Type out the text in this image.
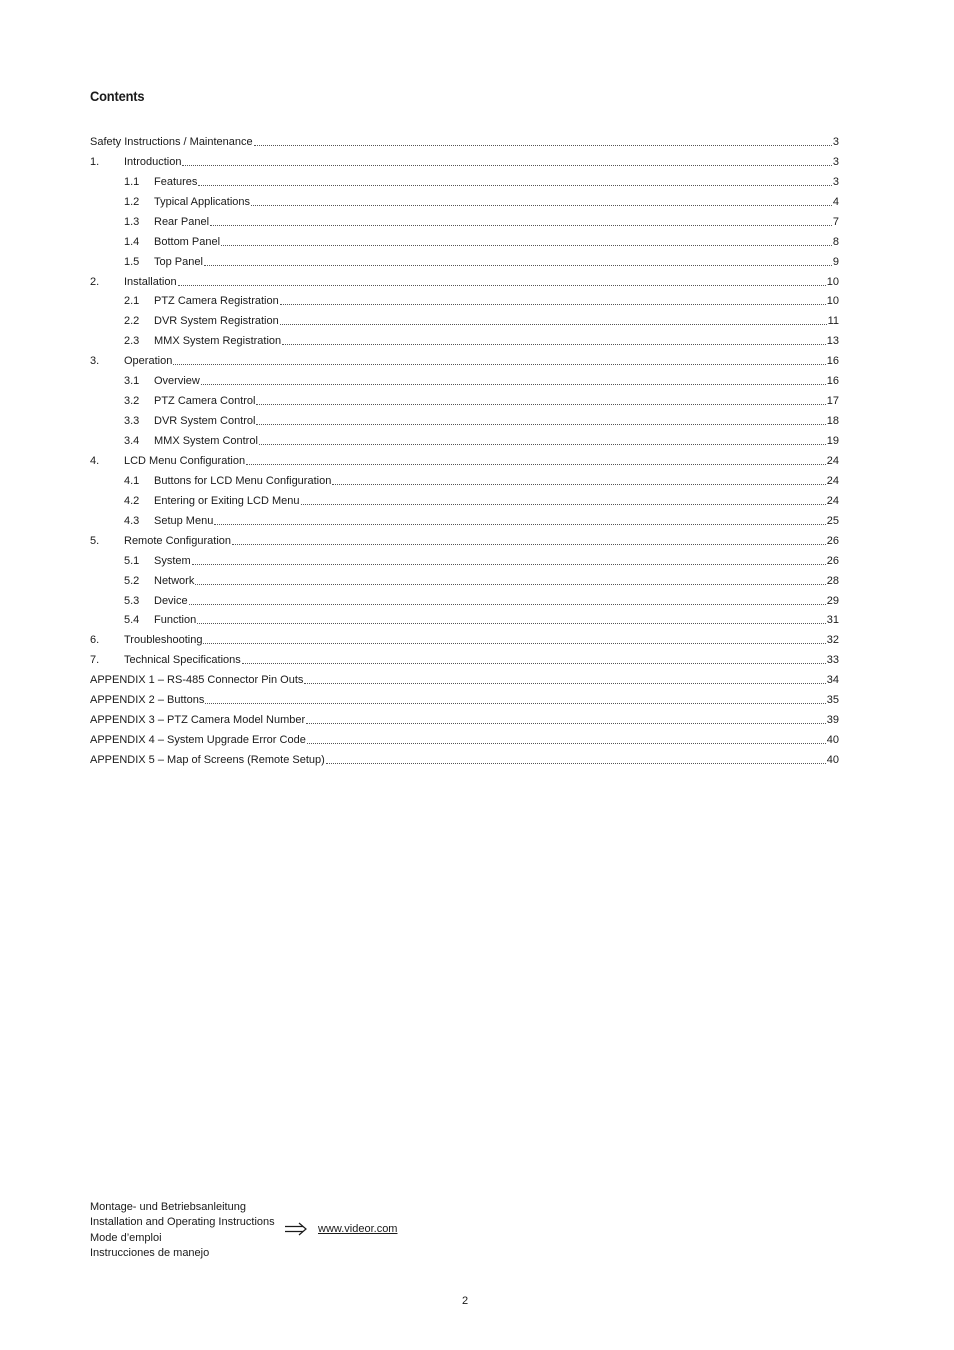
Contents
Safety Instructions / Maintenance	3
1.	Introduction	3
1.1	Features	3
1.2	Typical Applications	4
1.3	Rear Panel	7
1.4	Bottom Panel	8
1.5	Top Panel	9
2.	Installation	10
2.1	PTZ Camera Registration	10
2.2	DVR System Registration	11
2.3	MMX System Registration	13
3.	Operation	16
3.1	Overview	16
3.2	PTZ Camera Control	17
3.3	DVR System Control	18
3.4	MMX System Control	19
4.	LCD Menu Configuration	24
4.1	Buttons for LCD Menu Configuration	24
4.2	Entering or Exiting LCD Menu	24
4.3	Setup Menu	25
5.	Remote Configuration	26
5.1	System	26
5.2	Network	28
5.3	Device	29
5.4	Function	31
6.	Troubleshooting	32
7.	Technical Specifications	33
APPENDIX 1 – RS-485 Connector Pin Outs	34
APPENDIX 2 – Buttons	35
APPENDIX 3 – PTZ Camera Model Number	39
APPENDIX 4 – System Upgrade Error Code	40
APPENDIX 5 – Map of Screens (Remote Setup)	40
Montage- und Betriebsanleitung
Installation and Operating Instructions
Mode d’emploi
Instrucciones de manejo
www.videor.com
2
